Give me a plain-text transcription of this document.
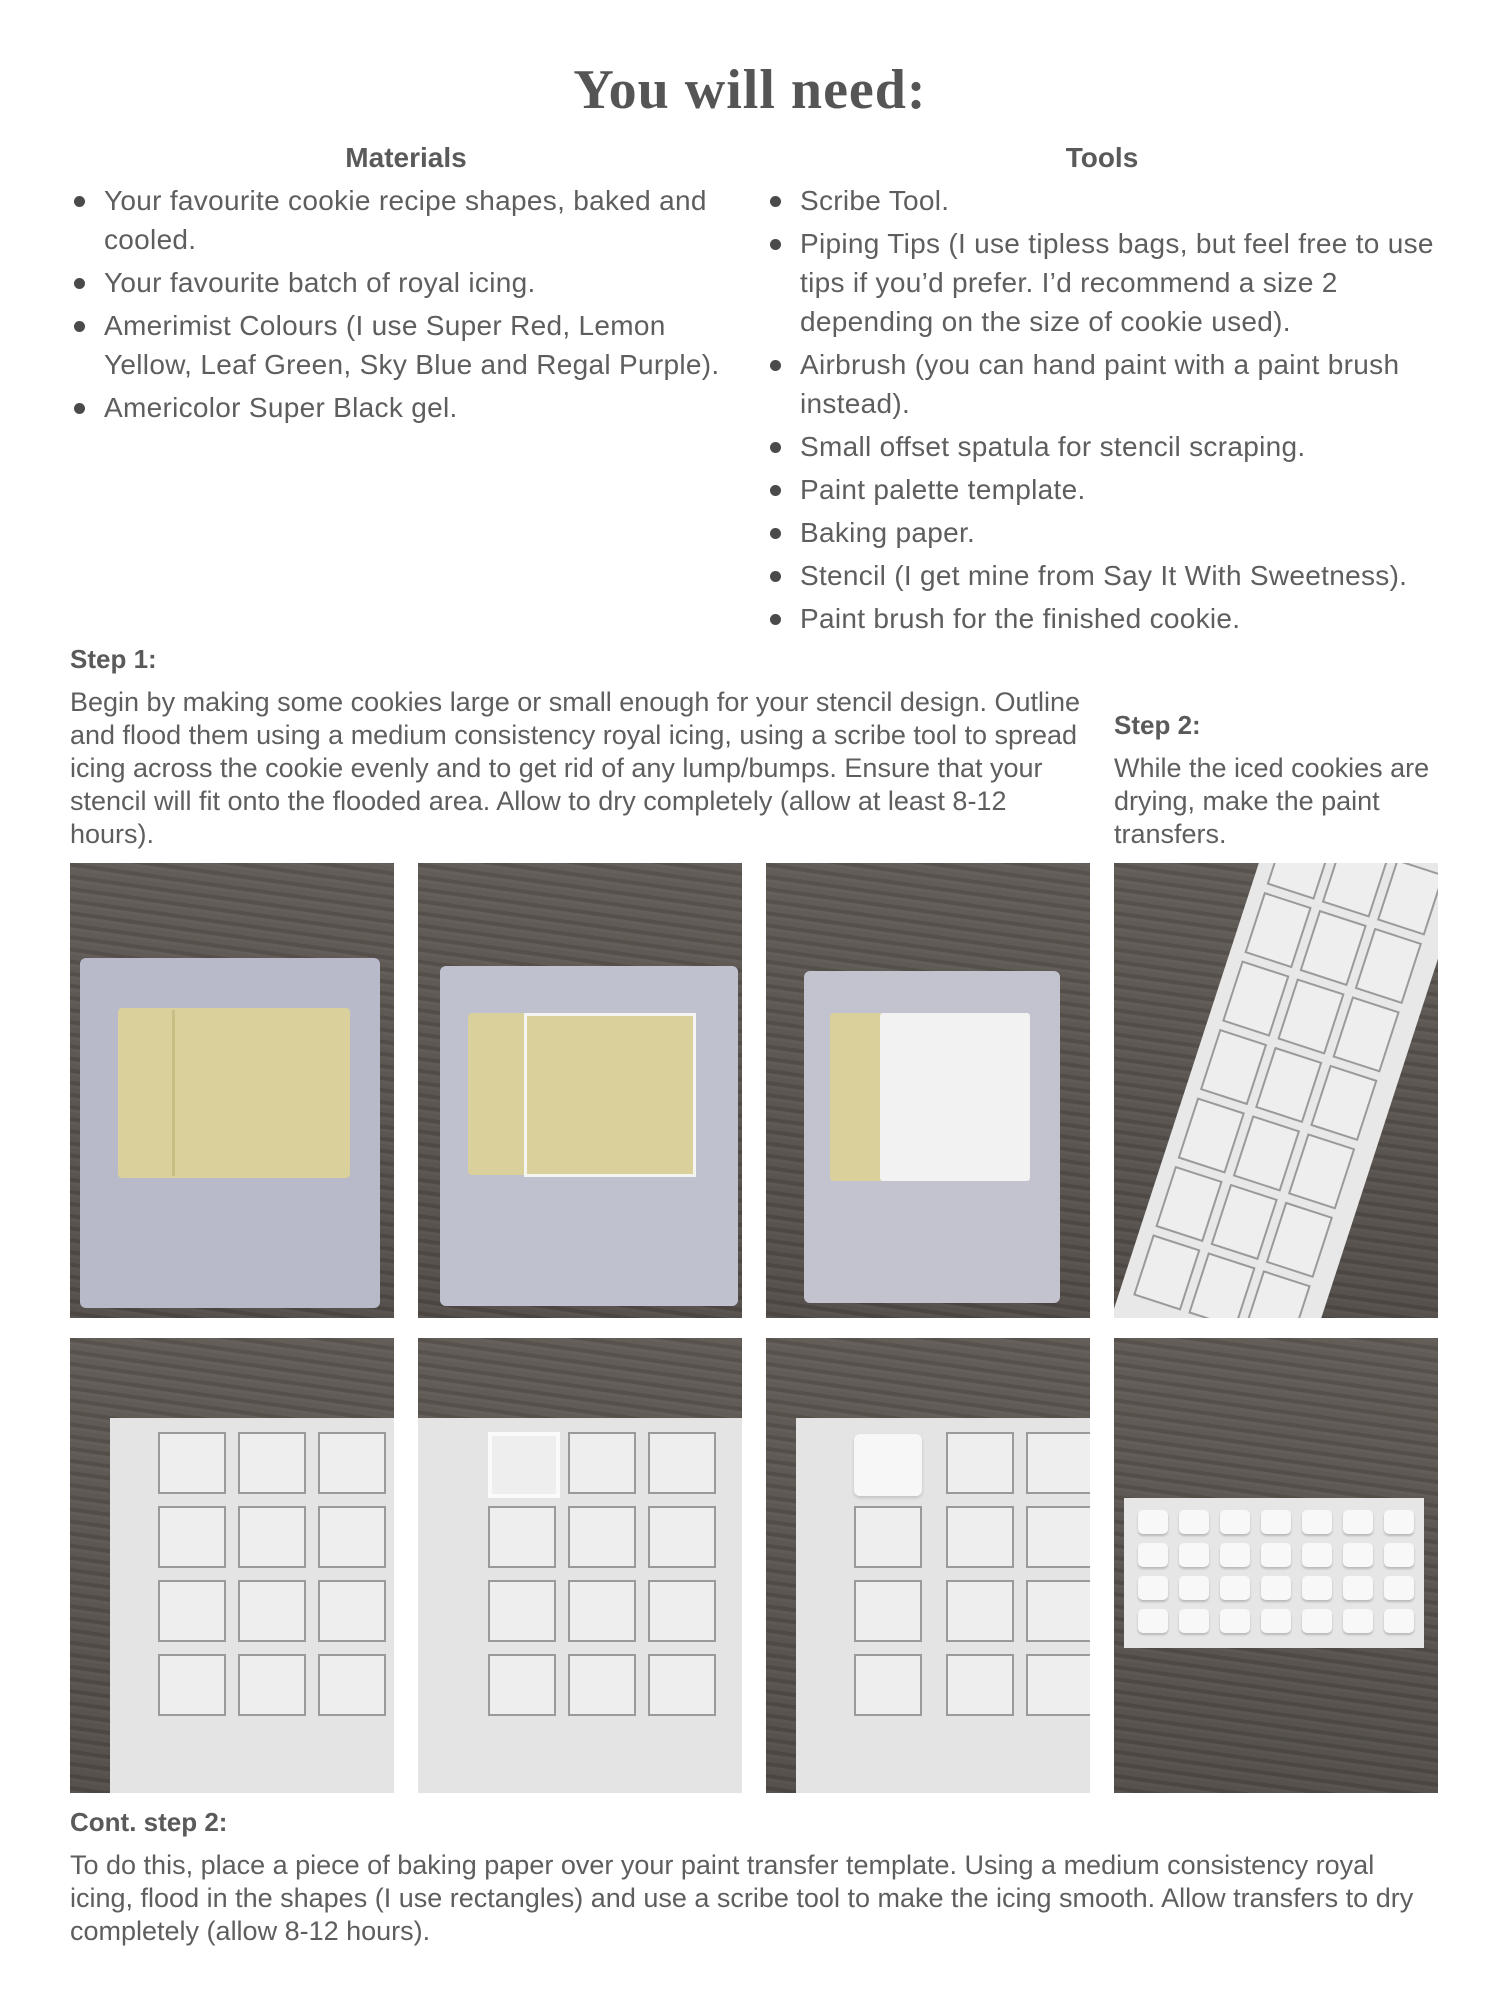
You will need:
Materials
Your favourite cookie recipe shapes, baked and cooled.
Your favourite batch of royal icing.
Amerimist Colours (I use Super Red, Lemon Yellow, Leaf Green, Sky Blue and Regal Purple).
Americolor Super Black gel.
Tools
Scribe Tool.
Piping Tips (I use tipless bags, but feel free to use tips if you’d prefer. I’d recommend a size 2 depending on the size of cookie used).
Airbrush (you can hand paint with a paint brush instead).
Small offset spatula for stencil scraping.
Paint palette template.
Baking paper.
Stencil (I get mine from Say It With Sweetness).
Paint brush for the finished cookie.
Step 1:
Begin by making some cookies large or small enough for your stencil design. Outline and flood them using a medium consistency royal icing, using a scribe tool to spread icing across the cookie evenly and to get rid of any lump/bumps. Ensure that your stencil will fit onto the flooded area. Allow to dry completely (allow at least 8-12 hours).
Step 2:
While the iced cookies are drying, make the paint transfers.
Cont. step 2:
To do this, place a piece of baking paper over your paint transfer template. Using a medium consistency royal icing, flood in the shapes (I use rectangles) and use a scribe tool to make the icing smooth. Allow transfers to dry completely (allow 8-12 hours).
